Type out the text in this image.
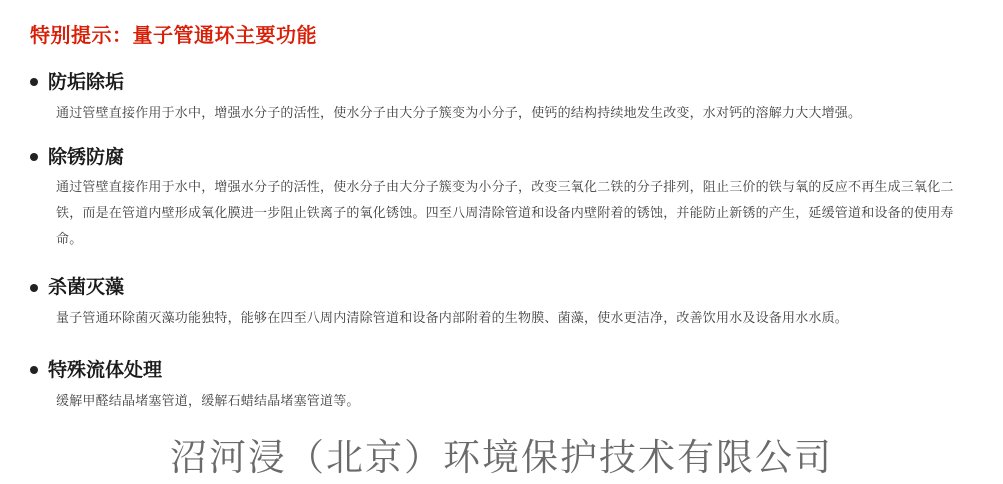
特别提示：量子管通环主要功能
防垢除垢
通过管壁直接作用于水中，增强水分子的活性，使水分子由大分子簇变为小分子，使钙的结构持续地发生改变，水对钙的溶解力大大增强。
除锈防腐
通过管壁直接作用于水中，增强水分子的活性，使水分子由大分子簇变为小分子，改变三氧化二铁的分子排列，阻止三价的铁与氧的反应不再生成三氧化二铁，而是在管道内壁形成氧化膜进一步阻止铁离子的氧化锈蚀。四至八周清除管道和设备内壁附着的锈蚀，并能防止新锈的产生，延缓管道和设备的使用寿命。
杀菌灭藻
量子管通环除菌灭藻功能独特，能够在四至八周内清除管道和设备内部附着的生物膜、菌藻，使水更洁净，改善饮用水及设备用水水质。
特殊流体处理
缓解甲醛结晶堵塞管道，缓解石蜡结晶堵塞管道等。
沼河浸（北京）环境保护技术有限公司
